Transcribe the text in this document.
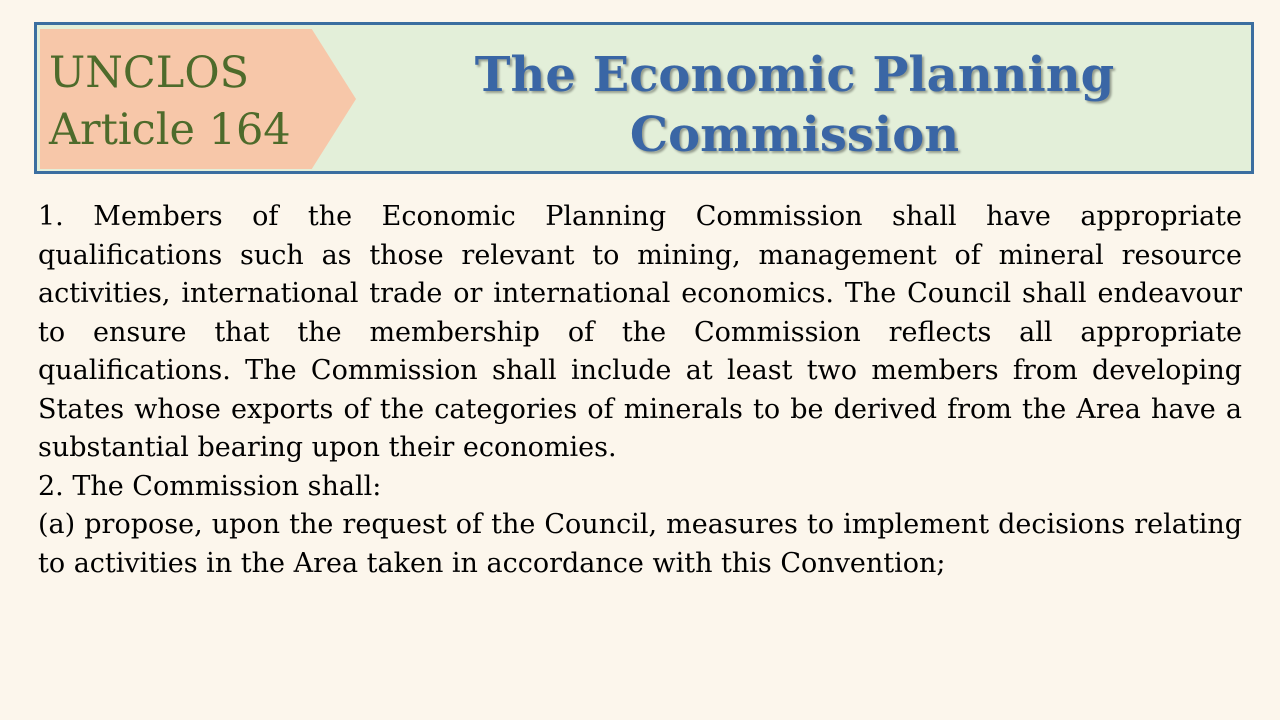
UNCLOS
Article 164
The Economic Planning
Commission

1. Members of the Economic Planning Commission shall have appropriate qualifications such as those relevant to mining, management of mineral resource activities, international trade or international economics. The Council shall endeavour to ensure that the membership of the Commission reflects all appropriate qualifications. The Commission shall include at least two members from developing States whose exports of the categories of minerals to be derived from the Area have a substantial bearing upon their economies.

2. The Commission shall:

(a) propose, upon the request of the Council, measures to implement decisions relating to activities in the Area taken in accordance with this Convention;
